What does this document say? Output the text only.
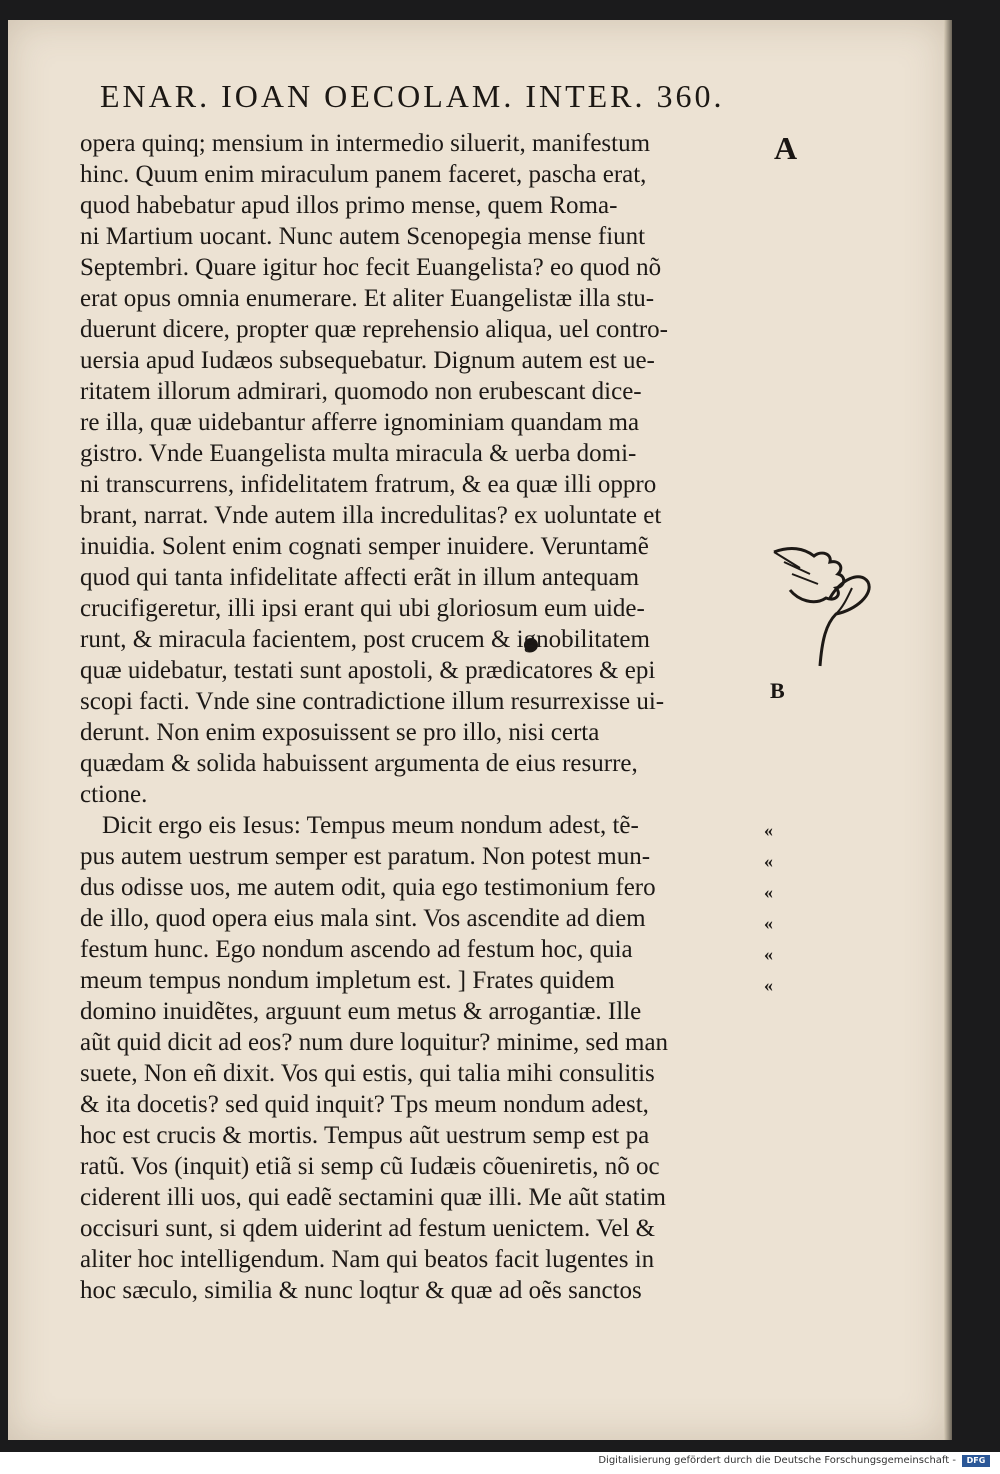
ENAR. IOAN OECOLAM. INTER. 360.
A
B
opera quinq; mensium in intermedio siluerit, manifestum
hinc. Quum enim miraculum panem faceret, pascha erat,
quod habebatur apud illos primo mense, quem Roma-
ni Martium uocant. Nunc autem Scenopegia mense fiunt
Septembri. Quare igitur hoc fecit Euangelista? eo quod nõ
erat opus omnia enumerare. Et aliter Euangelistæ illa stu-
duerunt dicere, propter quæ reprehensio aliqua, uel contro-
uersia apud Iudæos subsequebatur. Dignum autem est ue-
ritatem illorum admirari, quomodo non erubescant dice-
re illa, quæ uidebantur afferre ignominiam quandam ma
gistro. Vnde Euangelista multa miracula & uerba domi-
ni transcurrens, infidelitatem fratrum, & ea quæ illi oppro
brant, narrat. Vnde autem illa incredulitas? ex uoluntate et
inuidia. Solent enim cognati semper inuidere. Veruntamẽ
quod qui tanta infidelitate affecti erãt in illum antequam
crucifigeretur, illi ipsi erant qui ubi gloriosum eum uide-
runt, & miracula facientem, post crucem & ignobilitatem
quæ uidebatur, testati sunt apostoli, & prædicatores & epi
scopi facti. Vnde sine contradictione illum resurrexisse ui-
derunt. Non enim exposuissent se pro illo, nisi certa
quædam & solida habuissent argumenta de eius resurre,
ctione.
Dicit ergo eis Iesus: Tempus meum nondum adest, tẽ-
pus autem uestrum semper est paratum. Non potest mun-
dus odisse uos, me autem odit, quia ego testimonium fero
de illo, quod opera eius mala sint. Vos ascendite ad diem
festum hunc. Ego nondum ascendo ad festum hoc, quia
meum tempus nondum impletum est. ] Frates quidem
domino inuidẽtes, arguunt eum metus & arrogantiæ. Ille
aũt quid dicit ad eos? num dure loquitur? minime, sed man
suete, Non eñ dixit. Vos qui estis, qui talia mihi consulitis
& ita docetis? sed quid inquit? Tps meum nondum adest,
hoc est crucis & mortis. Tempus aũt uestrum semp est pa
ratũ. Vos (inquit) etiã si semp cũ Iudæis cõueniretis, nõ oc
ciderent illi uos, qui eadẽ sectamini quæ illi. Me aũt statim
occisuri sunt, si qdem uiderint ad festum uenictem. Vel &
aliter hoc intelligendum. Nam qui beatos facit lugentes in
hoc sæculo, similia & nunc loqtur & quæ ad oẽs sanctos
«
«
«
«
«
«
Digitalisierung gefördert durch die Deutsche Forschungsgemeinschaft -	DFG
